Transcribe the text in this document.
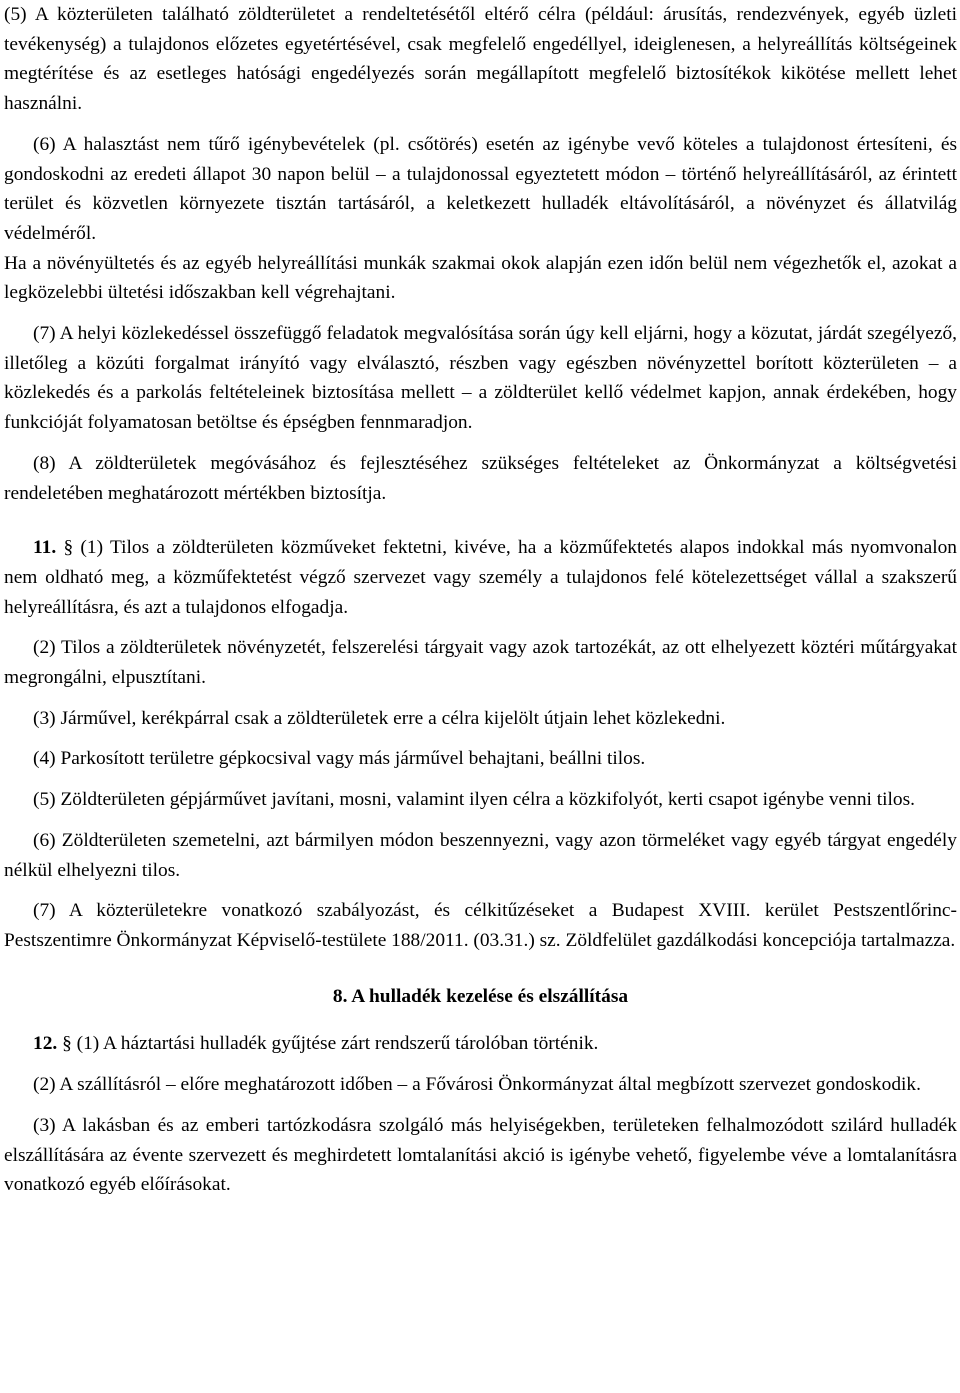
(5) A közterületen található zöldterületet a rendeltetésétől eltérő célra (például: árusítás, rendezvények, egyéb üzleti tevékenység) a tulajdonos előzetes egyetértésével, csak megfelelő engedéllyel, ideiglenesen, a helyreállítás költségeinek megtérítése és az esetleges hatósági engedélyezés során megállapított megfelelő biztosítékok kikötése mellett lehet használni.

(6) A halasztást nem tűrő igénybevételek (pl. csőtörés) esetén az igénybe vevő köteles a tulajdonost értesíteni, és gondoskodni az eredeti állapot 30 napon belül – a tulajdonossal egyeztetett módon – történő helyreállításáról, az érintett terület és közvetlen környezete tisztán tartásáról, a keletkezett hulladék eltávolításáról, a növényzet és állatvilág védelméről.

Ha a növényültetés és az egyéb helyreállítási munkák szakmai okok alapján ezen időn belül nem végezhetők el, azokat a legközelebbi ültetési időszakban kell végrehajtani.

(7) A helyi közlekedéssel összefüggő feladatok megvalósítása során úgy kell eljárni, hogy a közutat, járdát szegélyező, illetőleg a közúti forgalmat irányító vagy elválasztó, részben vagy egészben növényzettel borított közterületen – a közlekedés és a parkolás feltételeinek biztosítása mellett – a zöldterület kellő védelmet kapjon, annak érdekében, hogy funkcióját folyamatosan betöltse és épségben fennmaradjon.

(8) A zöldterületek megóvásához és fejlesztéséhez szükséges feltételeket az Önkormányzat a költségvetési rendeletében meghatározott mértékben biztosítja.

11. § (1) Tilos a zöldterületen közműveket fektetni, kivéve, ha a közműfektetés alapos indokkal más nyomvonalon nem oldható meg, a közműfektetést végző szervezet vagy személy a tulajdonos felé kötelezettséget vállal a szakszerű helyreállításra, és azt a tulajdonos elfogadja.

(2) Tilos a zöldterületek növényzetét, felszerelési tárgyait vagy azok tartozékát, az ott elhelyezett köztéri műtárgyakat megrongálni, elpusztítani.

(3) Járművel, kerékpárral csak a zöldterületek erre a célra kijelölt útjain lehet közlekedni.

(4) Parkosított területre gépkocsival vagy más járművel behajtani, beállni tilos.

(5) Zöldterületen gépjárművet javítani, mosni, valamint ilyen célra a közkifolyót, kerti csapot igénybe venni tilos.

(6) Zöldterületen szemetelni, azt bármilyen módon beszennyezni, vagy azon törmeléket vagy egyéb tárgyat engedély nélkül elhelyezni tilos.

(7) A közterületekre vonatkozó szabályozást, és célkitűzéseket a Budapest XVIII. kerület Pestszentlőrinc-Pestszentimre Önkormányzat Képviselő-testülete 188/2011. (03.31.) sz. Zöldfelület gazdálkodási koncepciója tartalmazza.

8. A hulladék kezelése és elszállítása

12. § (1) A háztartási hulladék gyűjtése zárt rendszerű tárolóban történik.

(2) A szállításról – előre meghatározott időben – a Fővárosi Önkormányzat által megbízott szervezet gondoskodik.

(3) A lakásban és az emberi tartózkodásra szolgáló más helyiségekben, területeken felhalmozódott szilárd hulladék elszállítására az évente szervezett és meghirdetett lomtalanítási akció is igénybe vehető, figyelembe véve a lomtalanításra vonatkozó egyéb előírásokat.
